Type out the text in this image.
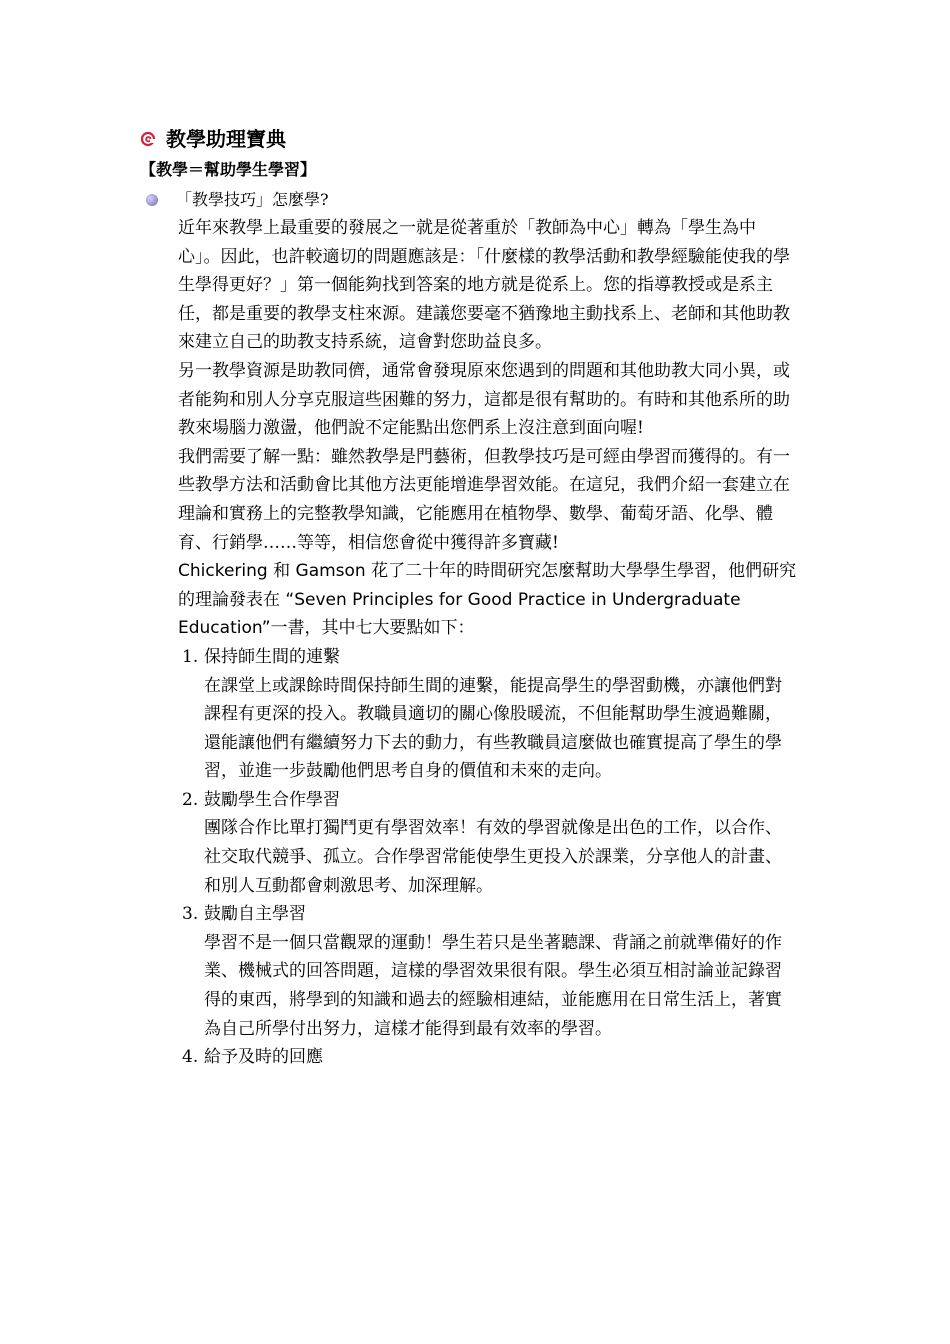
教學助理寶典
【教學＝幫助學生學習】
「教學技巧」怎麼學?

近年來教學上最重要的發展之一就是從著重於「教師為中心」轉為「學生為中心」。因此，也許較適切的問題應該是：「什麼樣的教學活動和教學經驗能使我的學生學得更好？」第一個能夠找到答案的地方就是從系上。您的指導教授或是系主任，都是重要的教學支柱來源。建議您要毫不猶豫地主動找系上、老師和其他助教來建立自己的助教支持系統，這會對您助益良多。

另一教學資源是助教同儕，通常會發現原來您遇到的問題和其他助教大同小異，或者能夠和別人分享克服這些困難的努力，這都是很有幫助的。有時和其他系所的助教來場腦力激盪，他們說不定能點出您們系上沒注意到面向喔!

我們需要了解一點：雖然教學是門藝術，但教學技巧是可經由學習而獲得的。有一些教學方法和活動會比其他方法更能增進學習效能。在這兒，我們介紹一套建立在理論和實務上的完整教學知識，它能應用在植物學、數學、葡萄牙語、化學、體育、行銷學……等等，相信您會從中獲得許多寶藏!

Chickering 和 Gamson 花了二十年的時間研究怎麼幫助大學學生學習，他們研究的理論發表在 “Seven Principles for Good Practice in Undergraduate Education”一書，其中七大要點如下：

1. 保持師生間的連繫
在課堂上或課餘時間保持師生間的連繫，能提高學生的學習動機，亦讓他們對課程有更深的投入。教職員適切的關心像股暖流，不但能幫助學生渡過難關，還能讓他們有繼續努力下去的動力，有些教職員這麼做也確實提高了學生的學習，並進一步鼓勵他們思考自身的價值和未來的走向。
2. 鼓勵學生合作學習
團隊合作比單打獨鬥更有學習效率！有效的學習就像是出色的工作，以合作、社交取代競爭、孤立。合作學習常能使學生更投入於課業，分享他人的計畫、和別人互動都會刺激思考、加深理解。
3. 鼓勵自主學習
學習不是一個只當觀眾的運動！學生若只是坐著聽課、背誦之前就準備好的作業、機械式的回答問題，這樣的學習效果很有限。學生必須互相討論並記錄習得的東西，將學到的知識和過去的經驗相連結，並能應用在日常生活上，著實為自己所學付出努力，這樣才能得到最有效率的學習。
4. 給予及時的回應
